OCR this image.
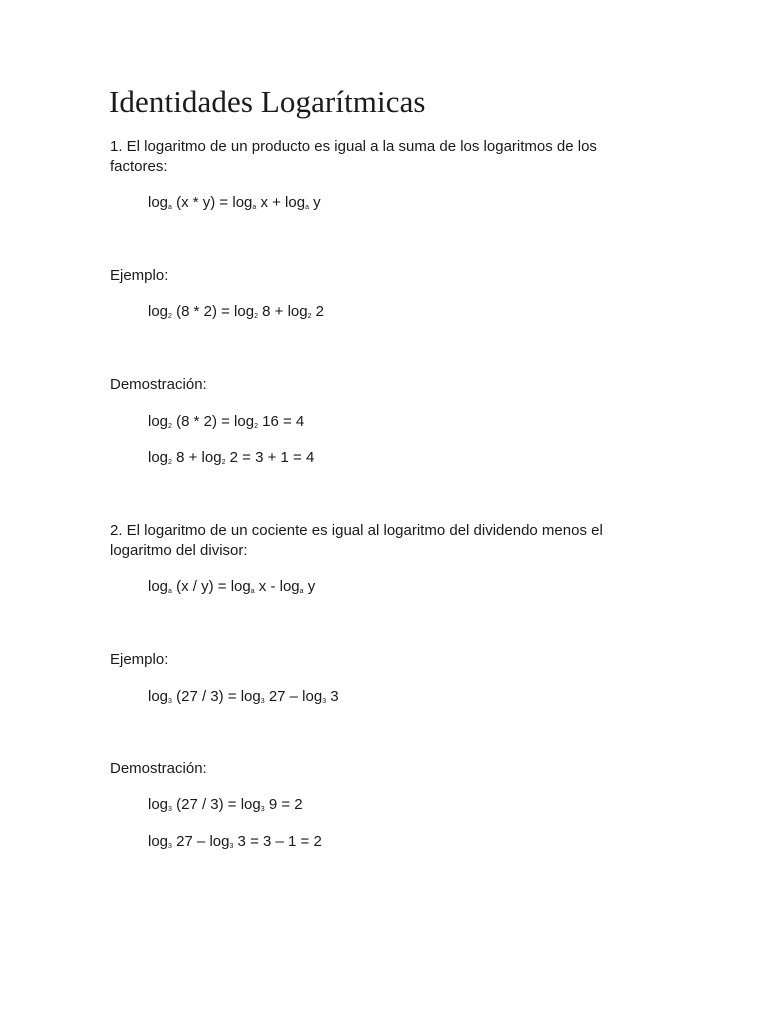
Identidades Logarítmicas

1. El logaritmo de un producto es igual a la suma de los logaritmos de los factores:

$\log_a (x * y) = \log_a x + \log_a y$

Ejemplo:

$\log_2 (8 * 2) = \log_2 8 + \log_2 2$

Demostración:

$\log_2 (8 * 2) = \log_2 16 = 4$

$\log_2 8 + \log_2 2 = 3 + 1 = 4$

2. El logaritmo de un cociente es igual al logaritmo del dividendo menos el logaritmo del divisor:

$\log_a (x / y) = \log_a x - \log_a y$

Ejemplo:

$\log_3 (27 / 3) = \log_3 27 - \log_3 3$

Demostración:

$\log_3 (27 / 3) = \log_3 9 = 2$

$\log_3 27 - \log_3 3 = 3 - 1 = 2$
